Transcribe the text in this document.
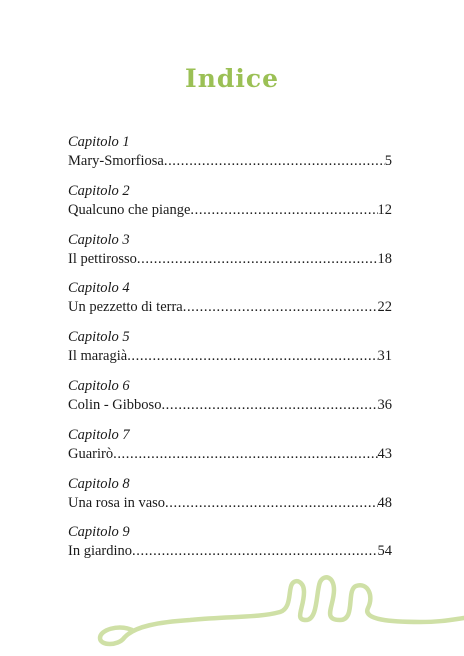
Indice
Capitolo 1
Mary-Smorfiosa .....	5
Capitolo 2
Qualcuno che piange .....	12
Capitolo 3
Il pettirosso .....	18
Capitolo 4
Un pezzetto di terra .....	22
Capitolo 5
Il maragià .....	31
Capitolo 6
Colin - Gibboso .....	36
Capitolo 7
Guarirò .....	43
Capitolo 8
Una rosa in vaso .....	48
Capitolo 9
In giardino .....	54
